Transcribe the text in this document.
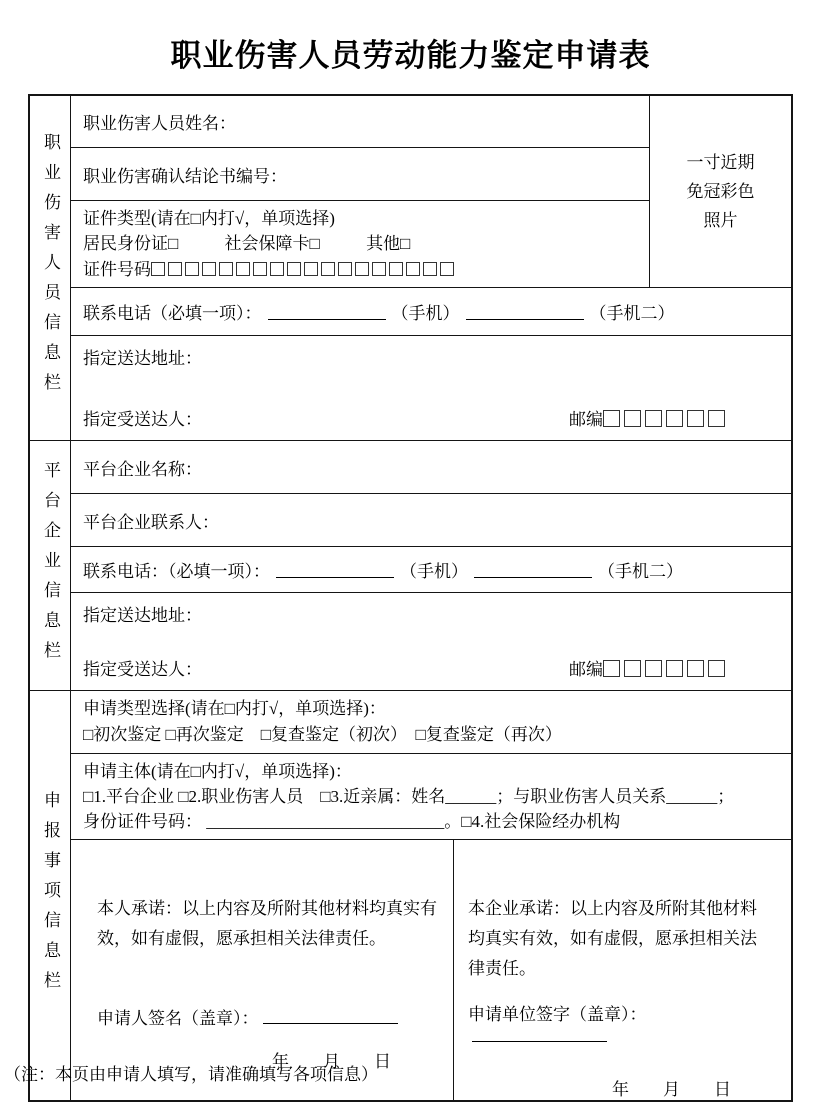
职业伤害人员劳动能力鉴定申请表
职业伤害人员信息栏
职业伤害人员姓名：
职业伤害确认结论书编号：
证件类型(请在□内打√，单项选择)
居民身份证□	社会保障卡□	其他□
证件号码
一寸近期
免冠彩色
照片
联系电话（必填一项）：	（手机）	（手机二）
指定送达地址：
指定受送达人：	邮编
平台企业信息栏	平台企业名称：
平台企业联系人：
联系电话：（必填一项）：	（手机）	（手机二）
指定送达地址：
指定受送达人：	邮编
申报事项信息栏
申请类型选择(请在□内打√，单项选择)：
□初次鉴定 □再次鉴定　□复查鉴定（初次）　□复查鉴定（再次）
申请主体(请在□内打√，单项选择)：
□1.平台企业 □2.职业伤害人员　□3.近亲属：姓名______；与职业伤害人员关系______；
身份证件号码： ____________________________。□4.社会保险经办机构
本人承诺：以上内容及所附其他材料均真实有效，如有虚假，愿承担相关法律责任。
申请人签名（盖章）：
年　　月　　日
本企业承诺：以上内容及所附其他材料均真实有效，如有虚假，愿承担相关法律责任。
申请单位签字（盖章）：
年　　月　　日
（注：本页由申请人填写，请准确填写各项信息）
